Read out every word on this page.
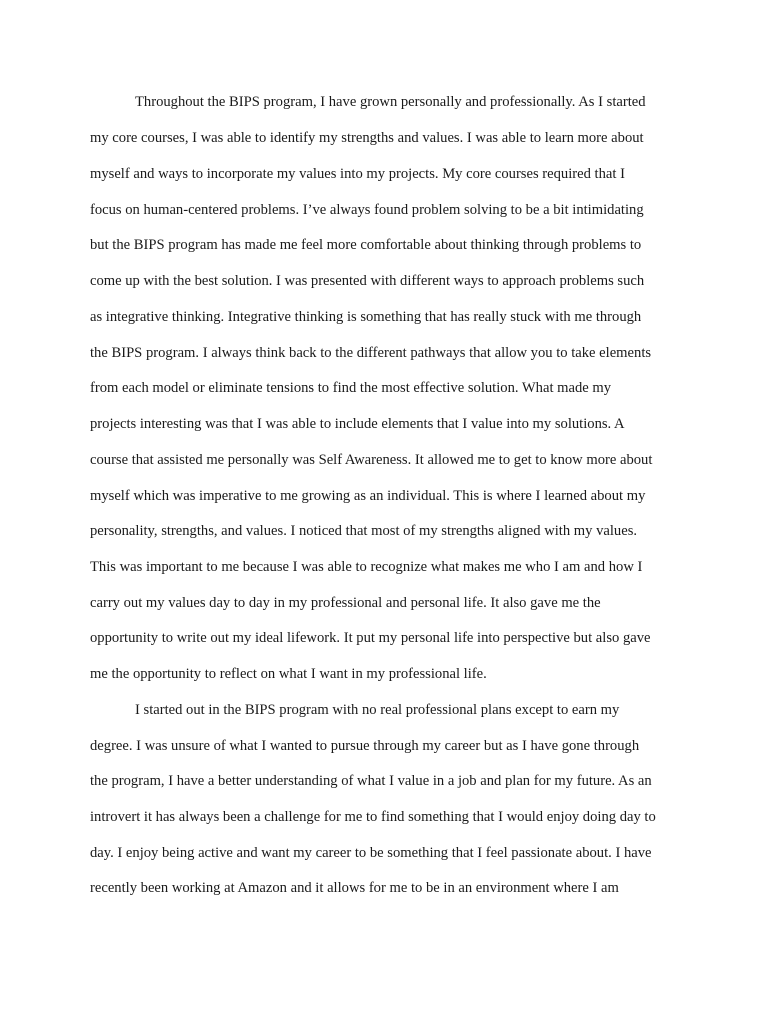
Throughout the BIPS program, I have grown personally and professionally. As I started
my core courses, I was able to identify my strengths and values. I was able to learn more about
myself and ways to incorporate my values into my projects. My core courses required that I
focus on human-centered problems. I’ve always found problem solving to be a bit intimidating
but the BIPS program has made me feel more comfortable about thinking through problems to
come up with the best solution. I was presented with different ways to approach problems such
as integrative thinking. Integrative thinking is something that has really stuck with me through
the BIPS program. I always think back to the different pathways that allow you to take elements
from each model or eliminate tensions to find the most effective solution. What made my
projects interesting was that I was able to include elements that I value into my solutions. A
course that assisted me personally was Self Awareness. It allowed me to get to know more about
myself which was imperative to me growing as an individual. This is where I learned about my
personality, strengths, and values. I noticed that most of my strengths aligned with my values.
This was important to me because I was able to recognize what makes me who I am and how I
carry out my values day to day in my professional and personal life. It also gave me the
opportunity to write out my ideal lifework. It put my personal life into perspective but also gave
me the opportunity to reflect on what I want in my professional life.
I started out in the BIPS program with no real professional plans except to earn my
degree. I was unsure of what I wanted to pursue through my career but as I have gone through
the program, I have a better understanding of what I value in a job and plan for my future. As an
introvert it has always been a challenge for me to find something that I would enjoy doing day to
day. I enjoy being active and want my career to be something that I feel passionate about. I have
recently been working at Amazon and it allows for me to be in an environment where I am
